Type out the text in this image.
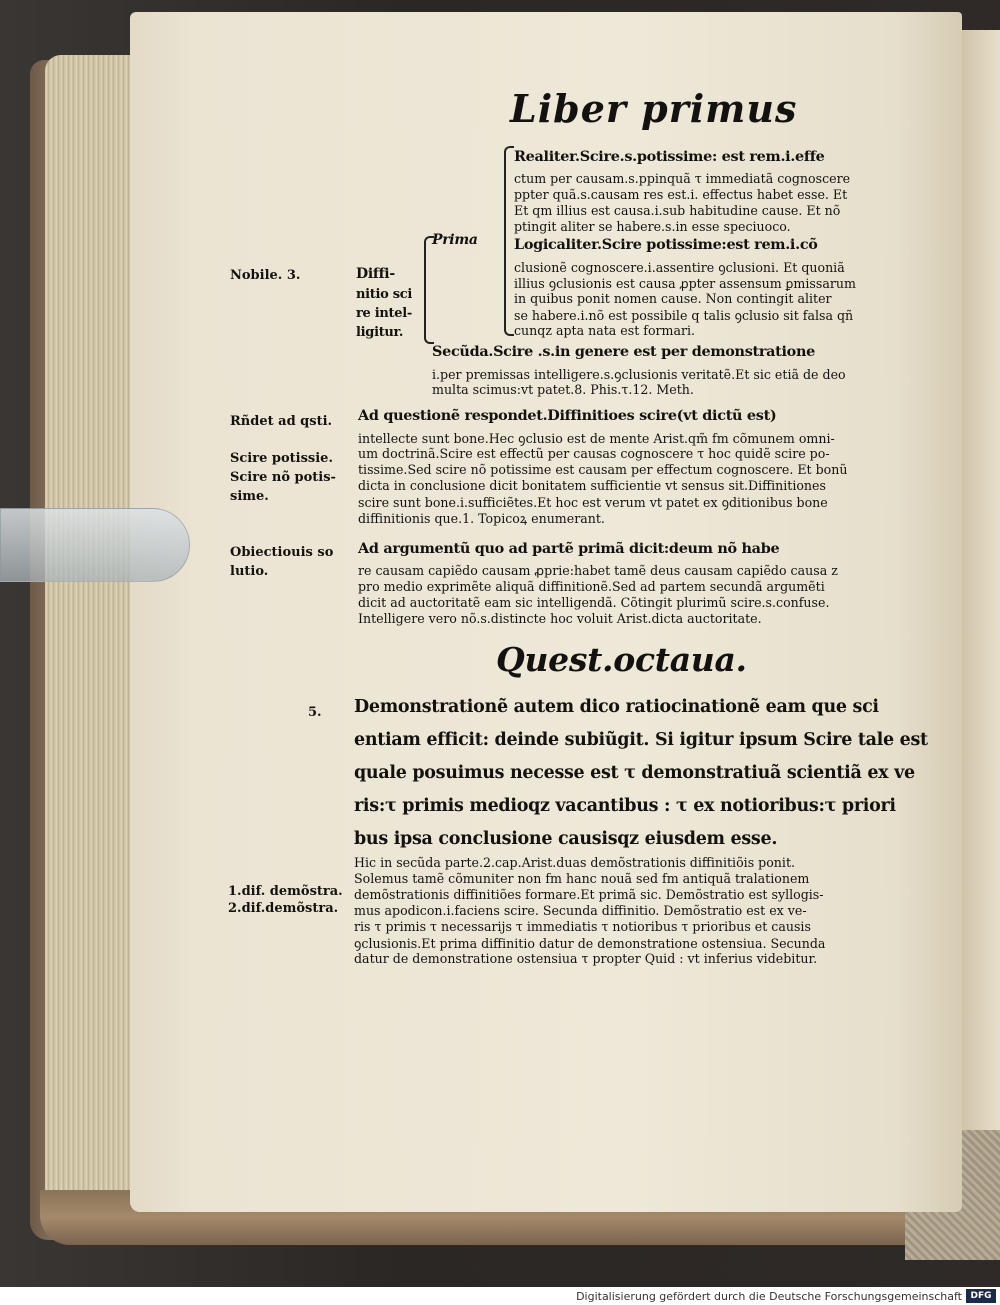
Liber primus
Prima
Realiter.Scire.s.potissime: est rem.i.effe
ctum per causam.s.ppinquã τ immediatã cognoscere
ppter quã.s.causam res est.i. effectus habet esse. Et
Et qm illius est causa.i.sub habitudine cause. Et nõ
ptingit aliter se habere.s.in esse speciuoco.
Logicaliter.Scire potissime:est rem.i.cõ
clusionẽ cognoscere.i.assentire ꝯclusioni. Et quoniã
illius ꝯclusionis est causa ꝓpter assensum ꝑmissarum
in quibus ponit nomen cause. Non contingit aliter
se habere.i.nõ est possibile q talis ꝯclusio sit falsa qñ
cunqz apta nata est formari.
Diffi-
nitio sci
re intel-
ligitur.
Secũda.Scire .s.in genere est per demonstratione
i.per premissas intelligere.s.ꝯclusionis veritatẽ.Et sic etiã de deo
multa scimus:vt patet.8. Phis.τ.12. Meth.
Nobile. 3.
Rñdet ad qsti.
Scire potissie.
Scire nõ potis-
sime.
Obiectiouis so
lutio.
5.
1.dif. demõstra.
2.dif.demõstra.
Ad questionẽ respondet.Diffinitioes scire(vt dictũ est)
intellecte sunt bone.Hec ꝯclusio est de mente Arist.qm̃ fm cõmunem omni-
um doctrinã.Scire est effectũ per causas cognoscere τ hoc quidẽ scire po-
tissime.Sed scire nõ potissime est causam per effectum cognoscere. Et bonũ
dicta in conclusione dicit bonitatem sufficientie vt sensus sit.Diffinitiones
scire sunt bone.i.sufficiẽtes.Et hoc est verum vt patet ex ꝯditionibus bone
diffinitionis que.1. Topicoꝝ enumerant.
Ad argumentũ quo ad partẽ primã dicit:deum nõ habe
re causam capiẽdo causam ꝓprie:habet tamẽ deus causam capiẽdo causa z
pro medio exprimẽte aliquã diffinitionẽ.Sed ad partem secundã argumẽti
dicit ad auctoritatẽ eam sic intelligendã. Cõtingit plurimũ scire.s.confuse.
Intelligere vero nõ.s.distincte hoc voluit Arist.dicta auctoritate.
Quest.octaua.
Demonstrationẽ autem dico ratiocinationẽ eam que sci
entiam efficit: deinde subiũgit. Si igitur ipsum Scire tale est
quale posuimus necesse est τ demonstratiuã scientiã ex ve
ris:τ primis medioqz vacantibus : τ ex notioribus:τ priori
bus ipsa conclusione causisqz eiusdem esse.
Hic in secũda parte.2.cap.Arist.duas demõstrationis diffinitiõis ponit.
Solemus tamẽ cõmuniter non fm hanc nouã sed fm antiquã tralationem
demõstrationis diffinitiões formare.Et primã sic. Demõstratio est syllogis-
mus apodicon.i.faciens scire. Secunda diffinitio. Demõstratio est ex ve-
ris τ primis τ necessarijs τ immediatis τ notioribus τ prioribus et causis
ꝯclusionis.Et prima diffinitio datur de demonstratione ostensiua. Secunda
datur de demonstratione ostensiua τ propter Quid : vt inferius videbitur.
Digitalisierung gefördert durch die Deutsche Forschungsgemeinschaft DFG
